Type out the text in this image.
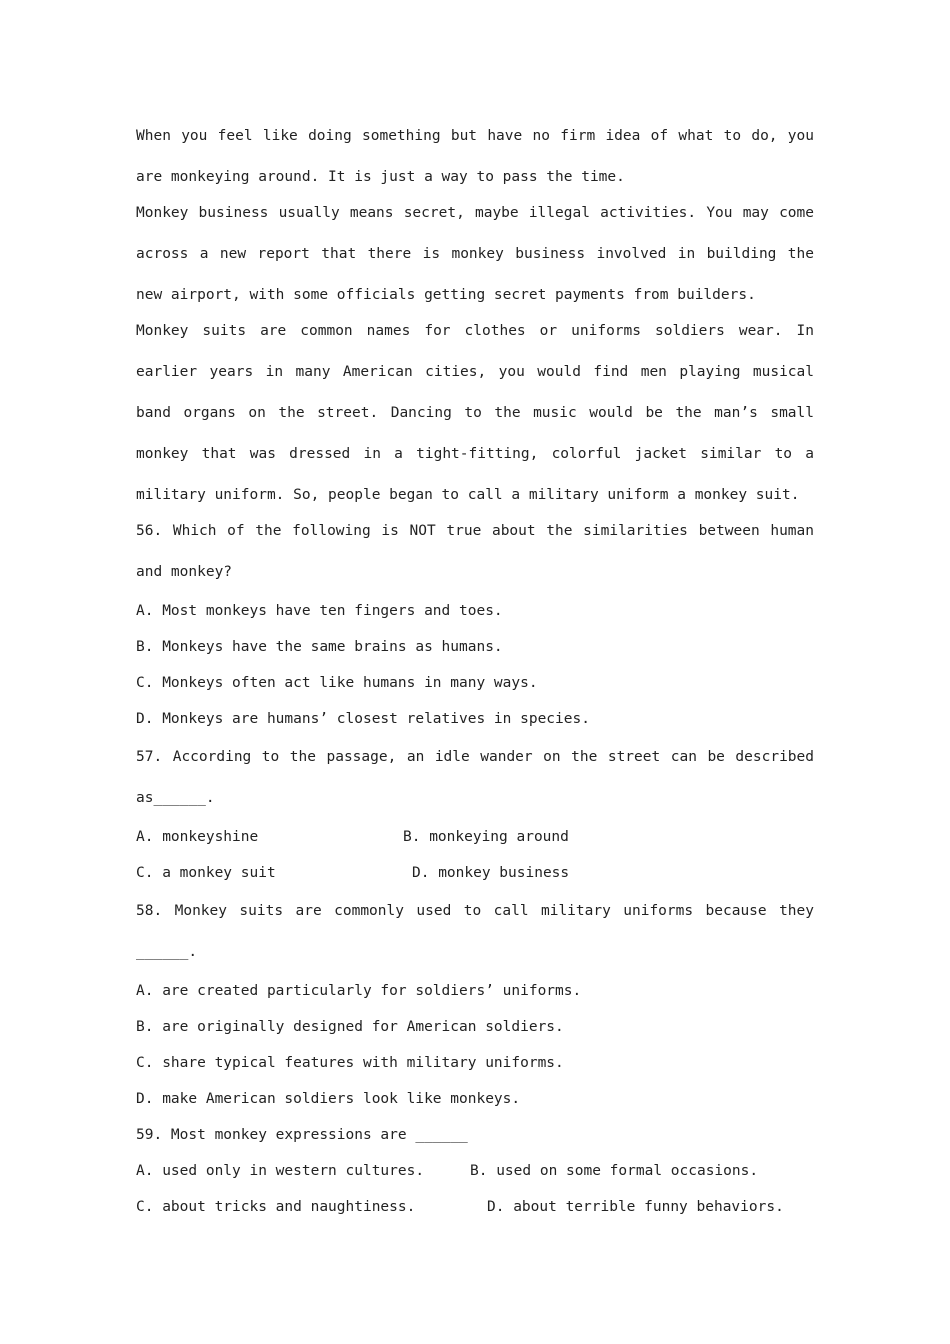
When you feel like doing something but have no firm idea of what to do, you are monkeying around. It is just a way to pass the time.

Monkey business usually means secret, maybe illegal activities. You may come across a new report that there is monkey business involved in building the new airport, with some officials getting secret payments from builders.

Monkey suits are common names for clothes or uniforms soldiers wear. In earlier years in many American cities, you would find men playing musical band organs on the street. Dancing to the music would be the man’s small monkey that was dressed in a tight-fitting, colorful jacket similar to a military uniform. So, people began to call a military uniform a monkey suit.

56. Which of the following is NOT true about the similarities between human and monkey?

A. Most monkeys have ten fingers and toes.

B. Monkeys have the same brains as humans.

C. Monkeys often act like humans in many ways.

D. Monkeys are humans’ closest relatives in species.

57. According to the passage, an idle wander on the street can be described as______.

A. monkeyshine

	B. monkeying around

C. a monkey suit

	D. monkey business

58. Monkey suits are commonly used to call military uniforms because they ______.

A. are created particularly for soldiers’ uniforms.

B. are originally designed for American soldiers.

C. share typical features with military uniforms.

D. make American soldiers look like monkeys.

59. Most monkey expressions are ______

A. used only in western cultures.

	B. used on some formal occasions.

C. about tricks and naughtiness.

	D. about terrible funny behaviors.
